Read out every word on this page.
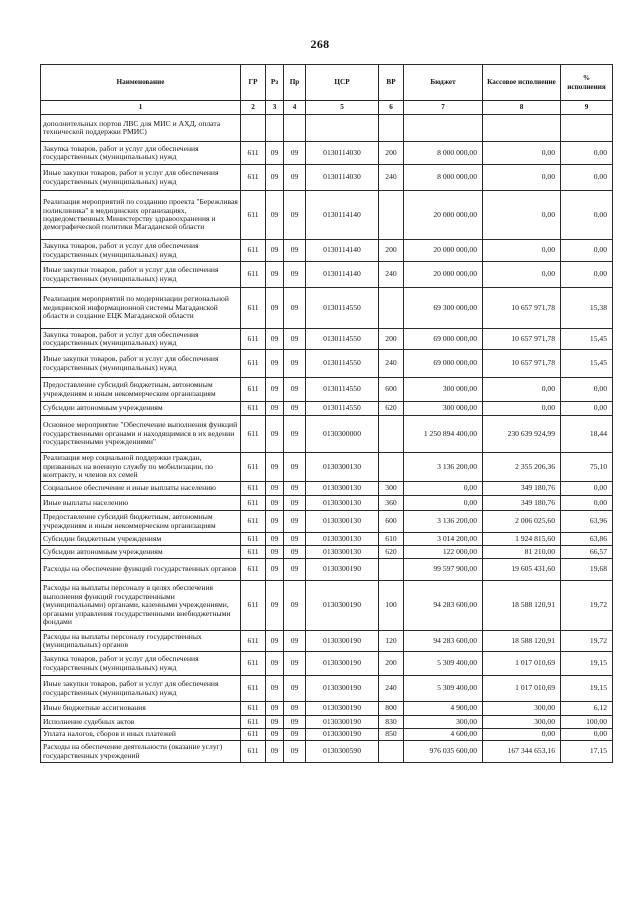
268
Наименование	ГР	Рз	Пр	ЦСР	ВР	Бюджет	Кассовое исполнение	% исполнения
1	2	3	4	5	6	7	8	9
дополнительных портов ЛВС для МИС и АХД, оплата технической поддержки РМИС)								
Закупка товаров, работ и услуг для обеспечения государственных (муниципальных) нужд	611	09	09	0130114030	200	8 000 000,00	0,00	0,00
Иные закупки товаров, работ и услуг для обеспечения государственных (муниципальных) нужд	611	09	09	0130114030	240	8 000 000,00	0,00	0,00
Реализация мероприятий по созданию проекта "Бережливая поликлиника" в медицинских организациях, подведомственных Министерству здравоохранения и демографической политики Магаданской области	611	09	09	0130114140		20 000 000,00	0,00	0,00
Закупка товаров, работ и услуг для обеспечения государственных (муниципальных) нужд	611	09	09	0130114140	200	20 000 000,00	0,00	0,00
Иные закупки товаров, работ и услуг для обеспечения государственных (муниципальных) нужд	611	09	09	0130114140	240	20 000 000,00	0,00	0,00
Реализация мероприятий по модернизации региональной медицинской информационной системы Магаданской области и создание ЕЦК Магаданской области	611	09	09	0130114550		69 300 000,00	10 657 971,78	15,38
Закупка товаров, работ и услуг для обеспечения государственных (муниципальных) нужд	611	09	09	0130114550	200	69 000 000,00	10 657 971,78	15,45
Иные закупки товаров, работ и услуг для обеспечения государственных (муниципальных) нужд	611	09	09	0130114550	240	69 000 000,00	10 657 971,78	15,45
Предоставление субсидий бюджетным, автономным учреждениям и иным некоммерческим организациям	611	09	09	0130114550	600	300 000,00	0,00	0,00
Субсидии автономным учреждениям	611	09	09	0130114550	620	300 000,00	0,00	0,00
Основное мероприятие "Обеспечение выполнения функций государственными органами и находящимися в их ведении государственными учреждениями"	611	09	09	0130300000		1 250 894 400,00	230 639 924,99	18,44
Реализация мер социальной поддержки граждан, призванных на военную службу по мобилизации, по контракту, и членов их семей	611	09	09	0130300130		3 136 200,00	2 355 206,36	75,10
Социальное обеспечение и иные выплаты населению	611	09	09	0130300130	300	0,00	349 180,76	0,00
Иные выплаты населению	611	09	09	0130300130	360	0,00	349 180,76	0,00
Предоставление субсидий бюджетным, автономным учреждениям и иным некоммерческим организациям	611	09	09	0130300130	600	3 136 200,00	2 006 025,60	63,96
Субсидии бюджетным учреждениям	611	09	09	0130300130	610	3 014 200,00	1 924 815,60	63,86
Субсидии автономным учреждениям	611	09	09	0130300130	620	122 000,00	81 210,00	66,57
Расходы на обеспечение функций государственных органов	611	09	09	0130300190		99 597 900,00	19 605 431,60	19,68
Расходы на выплаты персоналу в целях обеспечения выполнения функций государственными (муниципальными) органами, казенными учреждениями, органами управления государственными внебюджетными фондами	611	09	09	0130300190	100	94 283 600,00	18 588 120,91	19,72
Расходы на выплаты персоналу государственных (муниципальных) органов	611	09	09	0130300190	120	94 283 600,00	18 588 120,91	19,72
Закупка товаров, работ и услуг для обеспечения государственных (муниципальных) нужд	611	09	09	0130300190	200	5 309 400,00	1 017 010,69	19,15
Иные закупки товаров, работ и услуг для обеспечения государственных (муниципальных) нужд	611	09	09	0130300190	240	5 309 400,00	1 017 010,69	19,15
Иные бюджетные ассигнования	611	09	09	0130300190	800	4 900,00	300,00	6,12
Исполнение судебных актов	611	09	09	0130300190	830	300,00	300,00	100,00
Уплата налогов, сборов и иных платежей	611	09	09	0130300190	850	4 600,00	0,00	0,00
Расходы на обеспечение деятельности (оказание услуг) государственных учреждений	611	09	09	0130300590		976 035 600,00	167 344 653,16	17,15
